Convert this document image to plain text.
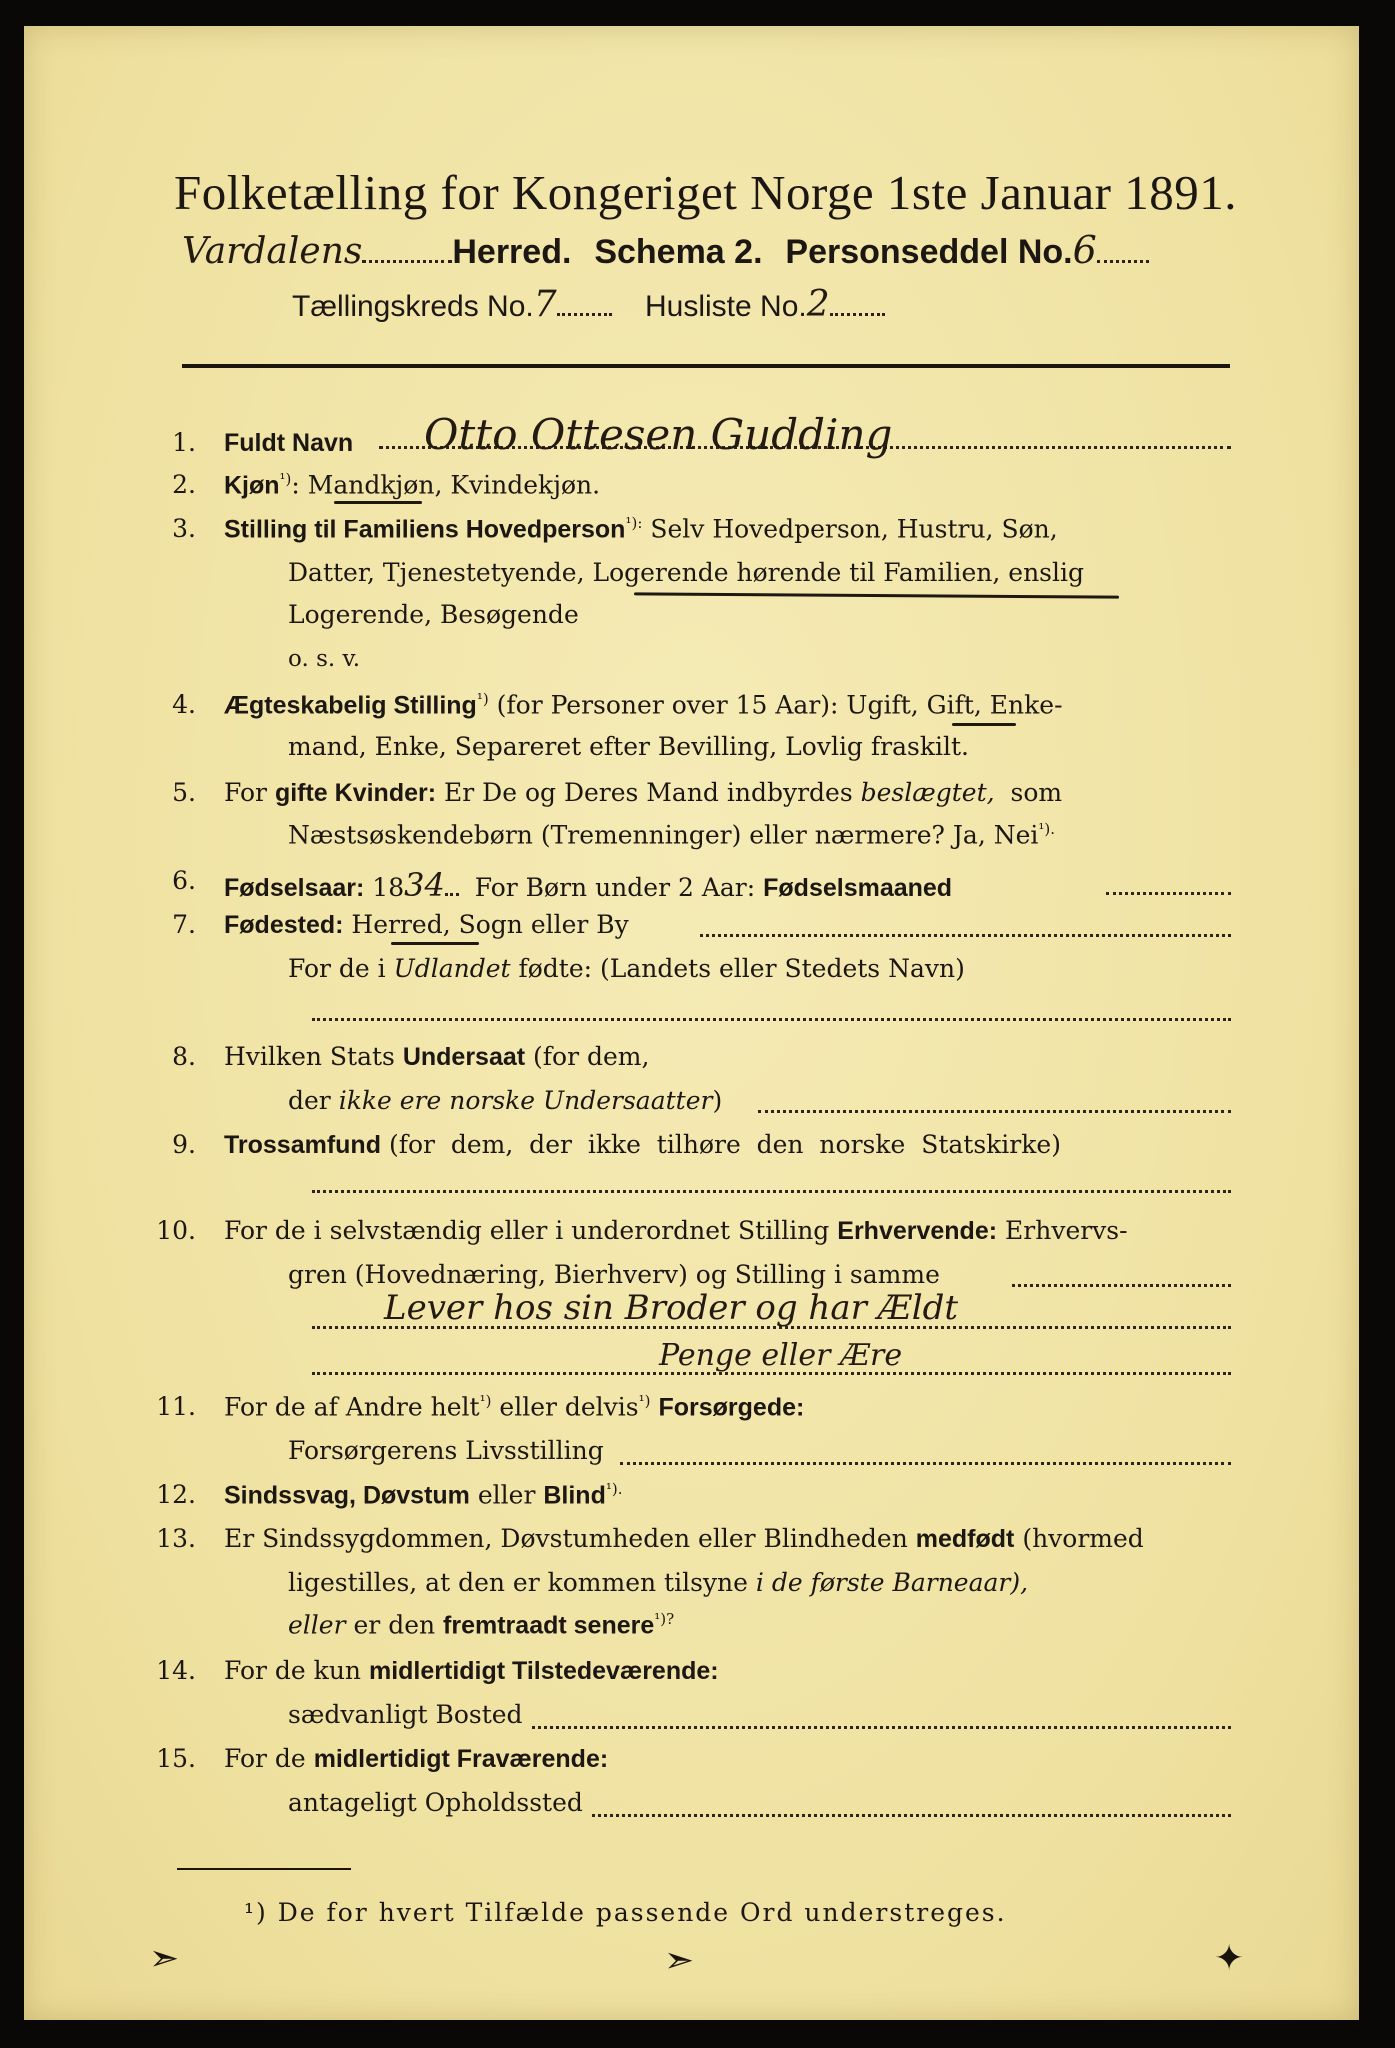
Folketælling for Kongeriget Norge 1ste Januar 1891.
Vardalens	Herred. Schema 2. Personseddel No.6
Tællingskreds No.7	Husliste No.2
1. Fuldt Navn Otto Ottesen Gudding
2. Kjøn$^{^1)}$: Mandkjøn, Kvindekjøn.
3. Stilling til Familiens Hovedperson$^{^1):}$ Selv Hovedperson, Hustru, Søn,
Datter, Tjenestetyende, Logerende hørende til Familien, enslig
Logerende, Besøgende
o. s. v.
4. Ægteskabelig Stilling$^{^1)}$ (for Personer over 15 Aar): Ugift, Gift, Enke-
mand, Enke, Separeret efter Bevilling, Lovlig fraskilt.
5. For gifte Kvinder: Er De og Deres Mand indbyrdes beslægtet, som
Næstsøskendebørn (Tremenninger) eller nærmere? Ja, Nei$^{^1).}$
6. Fødselsaar: 1834 For Børn under 2 Aar: Fødselsmaaned
7. Fødested: Herred, Sogn eller By
For de i Udlandet fødte: (Landets eller Stedets Navn)
8. Hvilken Stats Undersaat (for dem,
der ikke ere norske Undersaatter)
9. Trossamfund (for  dem,  der  ikke  tilhøre  den  norske  Statskirke)
10. For de i selvstændig eller i underordnet Stilling Erhvervende: Erhvervs-
gren (Hovednæring, Bierhverv) og Stilling i samme
Lever hos sin Broder og har Ældt
Penge eller Ære
11. For de af Andre helt$^{^1)}$ eller delvis$^{^1)}$ Forsørgede:
Forsørgerens Livsstilling
12. Sindssvag, Døvstum eller Blind$^{^1).}$
13. Er Sindssygdommen, Døvstumheden eller Blindheden medfødt (hvormed
ligestilles, at den er kommen tilsyne i de første Barneaar),
eller er den fremtraadt senere$^{^1)?}$
14. For de kun midlertidigt Tilstedeværende:
sædvanligt Bosted
15. For de midlertidigt Fraværende:
antageligt Opholdssted
¹) De for hvert Tilfælde passende Ord understreges.
➣	➣	✦
